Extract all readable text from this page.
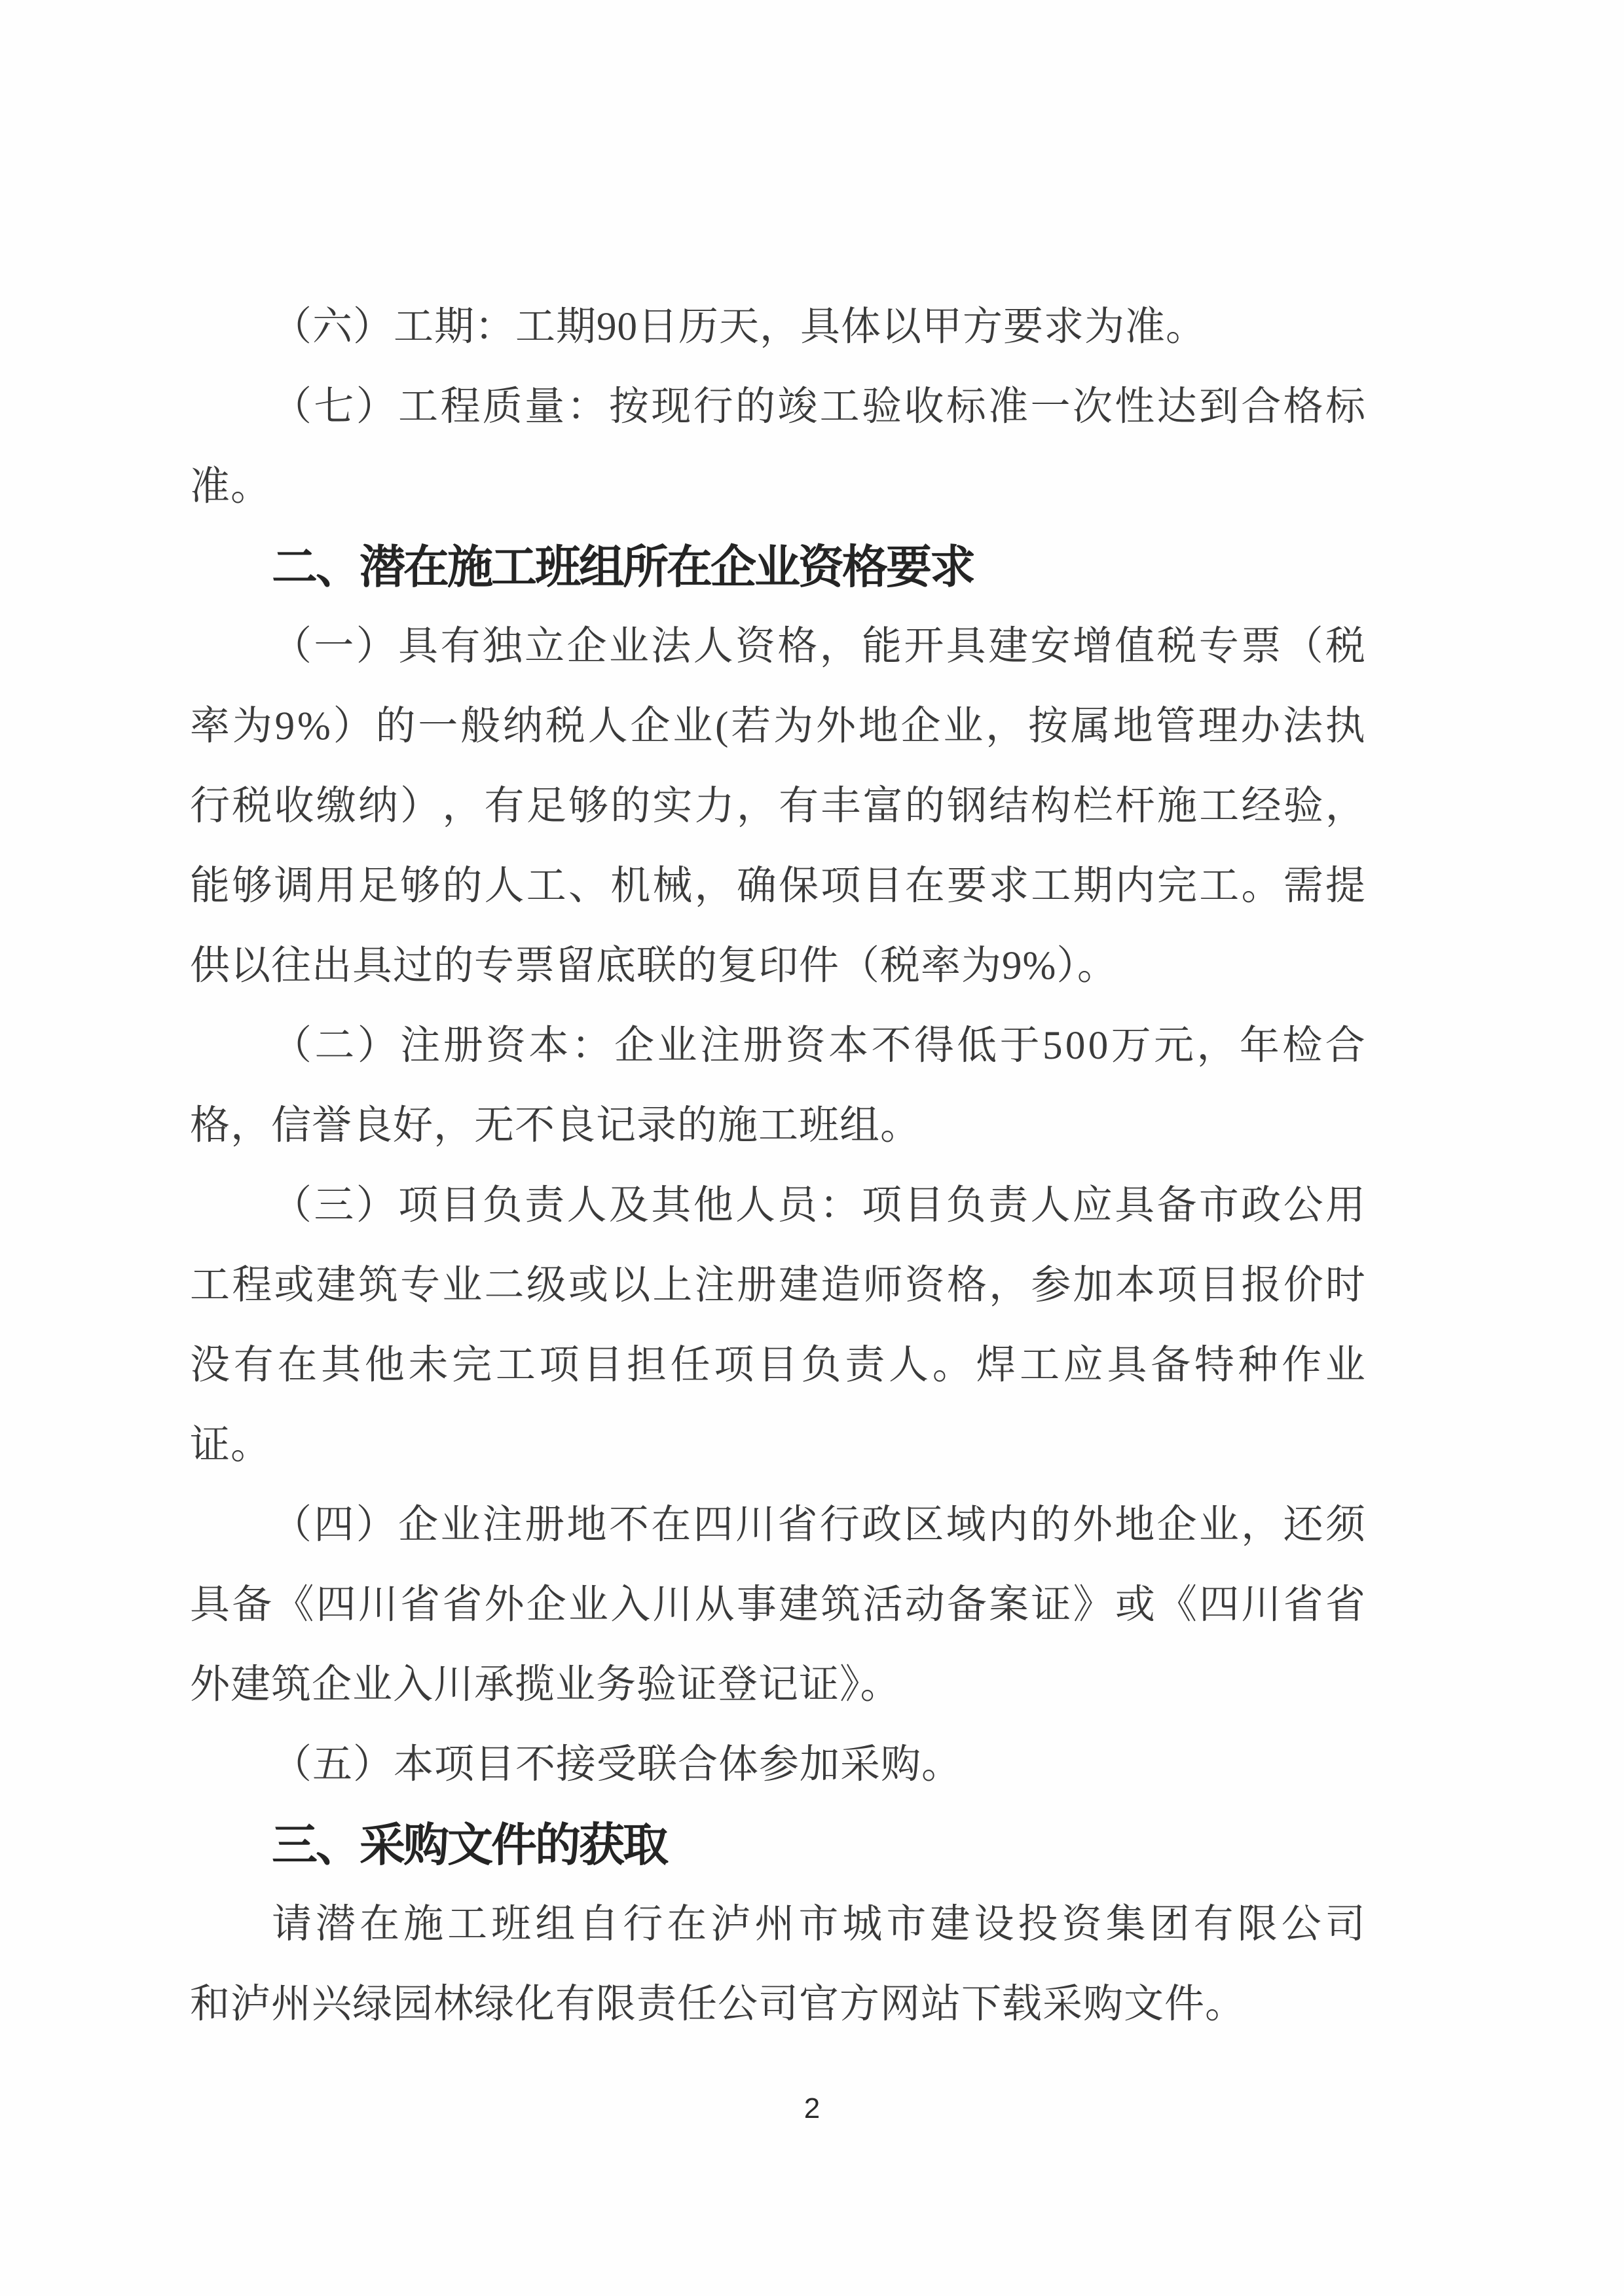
（六）工期：工期90日历天，具体以甲方要求为准。
（ 七 ） 工 程 质 量 ： 按 现 行 的 竣 工 验 收 标 准 一 次 性 达 到 合 格 标
准。
二、潜在施工班组所在企业资格要求
（ 一 ） 具 有 独 立 企 业 法 人 资 格 ， 能 开 具 建 安 增 值 税 专 票 （ 税
率 为 9 % ） 的 一 般 纳 税 人 企 业 ( 若 为 外 地 企 业 ， 按 属 地 管 理 办 法 执
行 税 收 缴 纳 ） ， 有 足 够 的 实 力 ， 有 丰 富 的 钢 结 构 栏 杆 施 工 经 验 ，
能 够 调 用 足 够 的 人 工 、 机 械 ， 确 保 项 目 在 要 求 工 期 内 完 工 。 需 提
供以往出具过的专票留底联的复印件（税率为9%）。
（ 二 ） 注 册 资 本 ： 企 业 注 册 资 本 不 得 低 于 5 0 0 万 元 ， 年 检 合
格，信誉良好，无不良记录的施工班组。
（ 三 ） 项 目 负 责 人 及 其 他 人 员 ： 项 目 负 责 人 应 具 备 市 政 公 用
工 程 或 建 筑 专 业 二 级 或 以 上 注 册 建 造 师 资 格 ， 参 加 本 项 目 报 价 时
没 有 在 其 他 未 完 工 项 目 担 任 项 目 负 责 人 。 焊 工 应 具 备 特 种 作 业
证。
（ 四 ） 企 业 注 册 地 不 在 四 川 省 行 政 区 域 内 的 外 地 企 业 ， 还 须
具 备 《 四 川 省 省 外 企 业 入 川 从 事 建 筑 活 动 备 案 证 》 或 《 四 川 省 省
外建筑企业入川承揽业务验证登记证》。
（五）本项目不接受联合体参加采购。
三、采购文件的获取
请 潜 在 施 工 班 组 自 行 在 泸 州 市 城 市 建 设 投 资 集 团 有 限 公 司
和泸州兴绿园林绿化有限责任公司官方网站下载采购文件。
2
